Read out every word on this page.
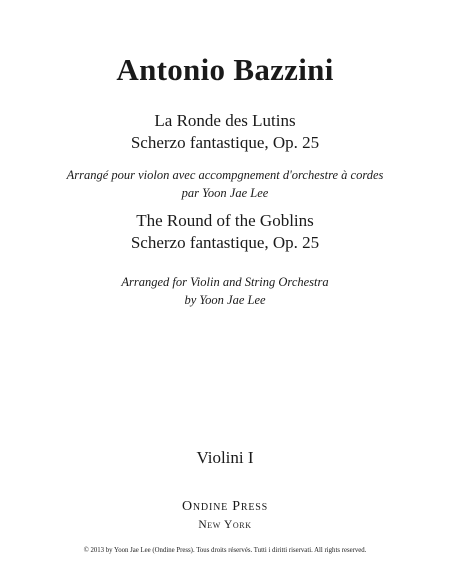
Antonio Bazzini
La Ronde des Lutins
Scherzo fantastique, Op. 25
Arrangé pour violon avec accompgnement d'orchestre à cordes
par Yoon Jae Lee
The Round of the Goblins
Scherzo fantastique, Op. 25
Arranged for Violin and String Orchestra
by Yoon Jae Lee
Violini I
Ondine Press
New York
© 2013 by Yoon Jae Lee (Ondine Press). Tous droits réservés. Tutti i diritti riservati. All rights reserved.
